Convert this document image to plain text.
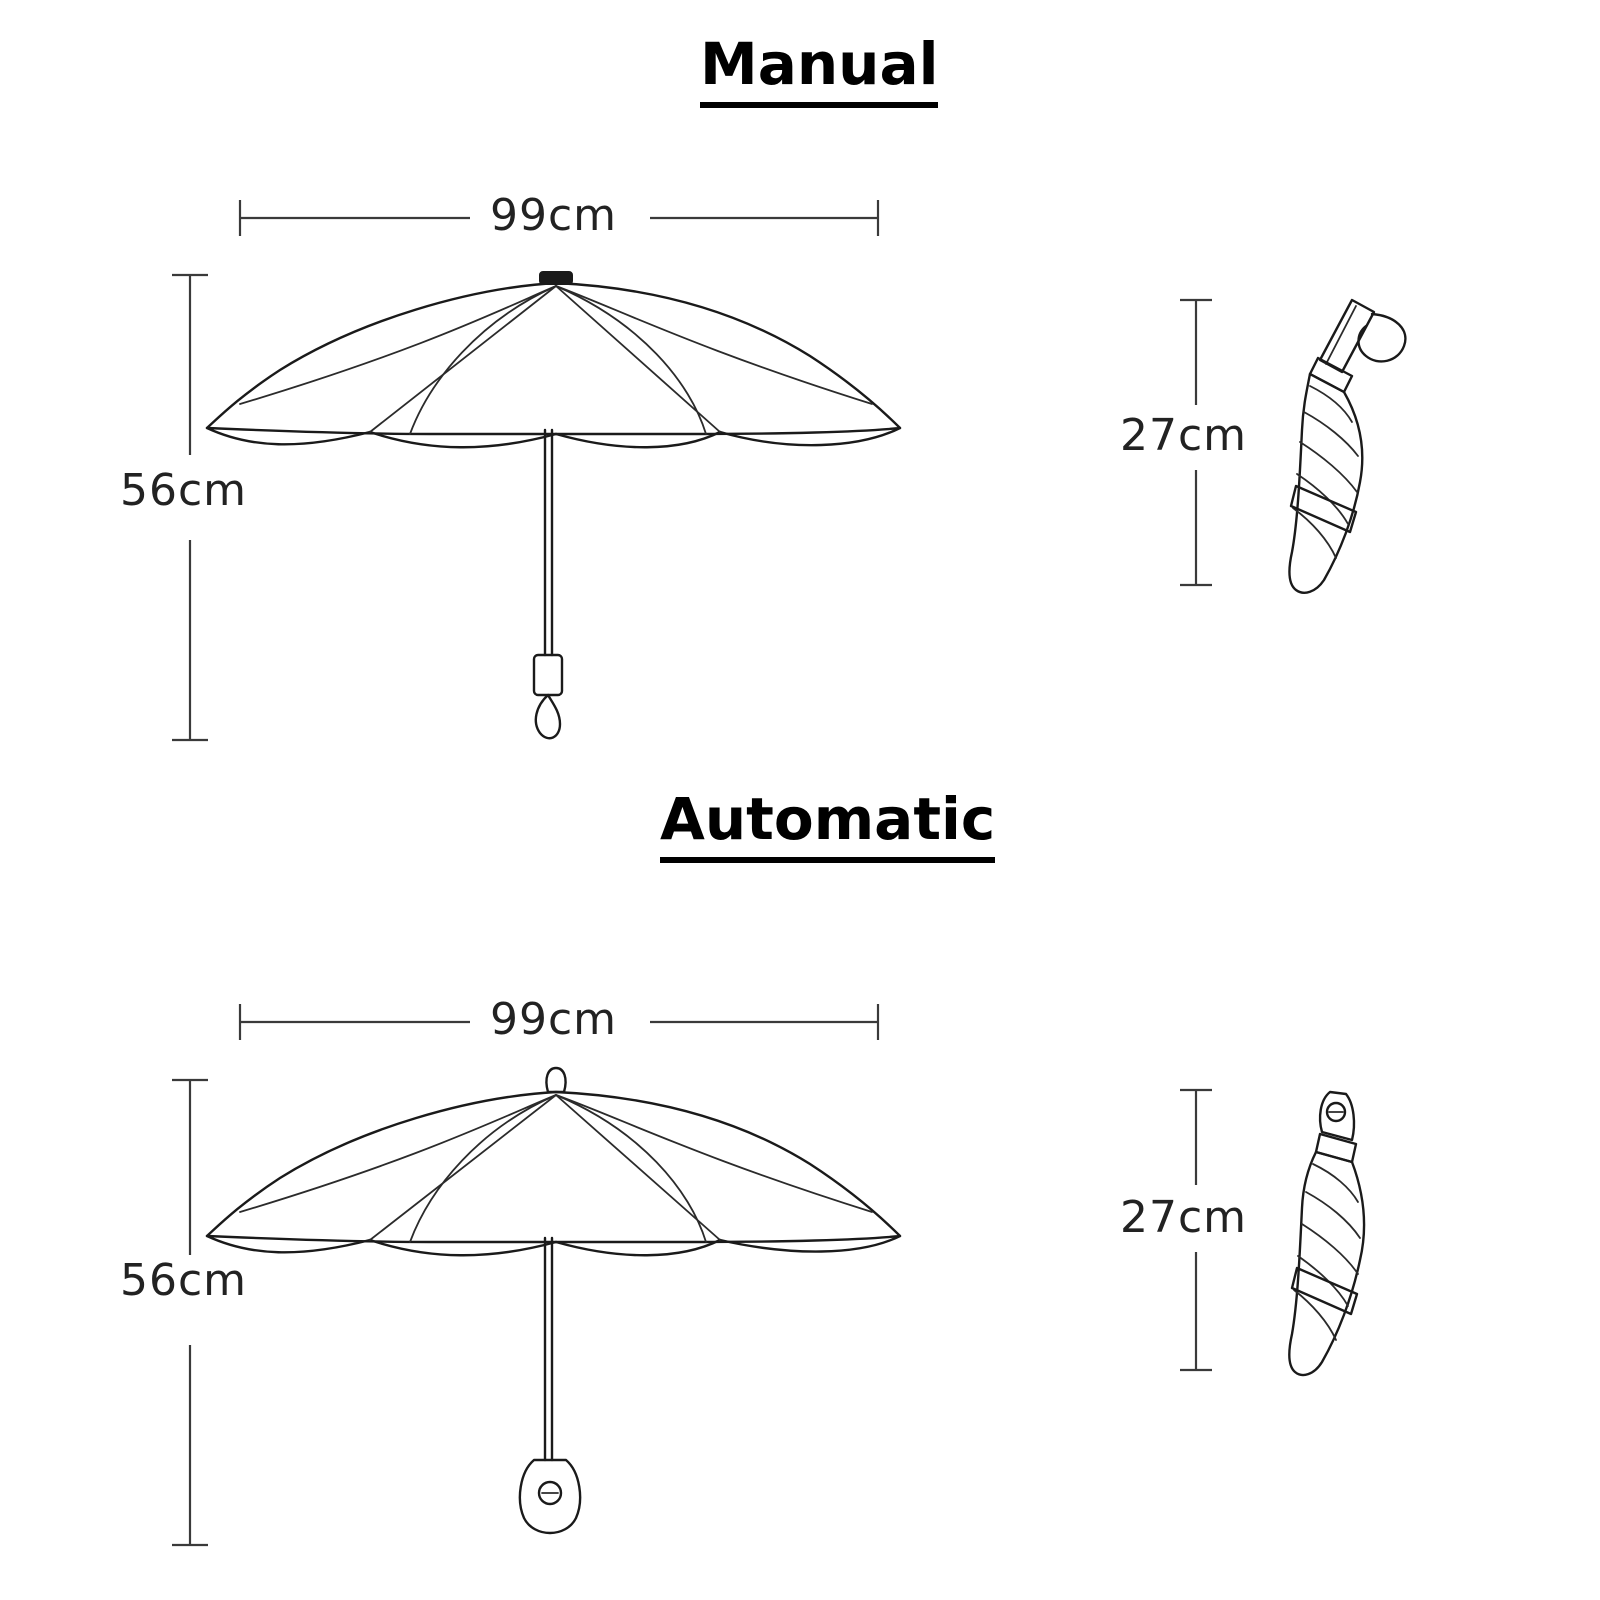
Manual
99cm
56cm
27cm
Automatic
99cm
56cm
27cm
